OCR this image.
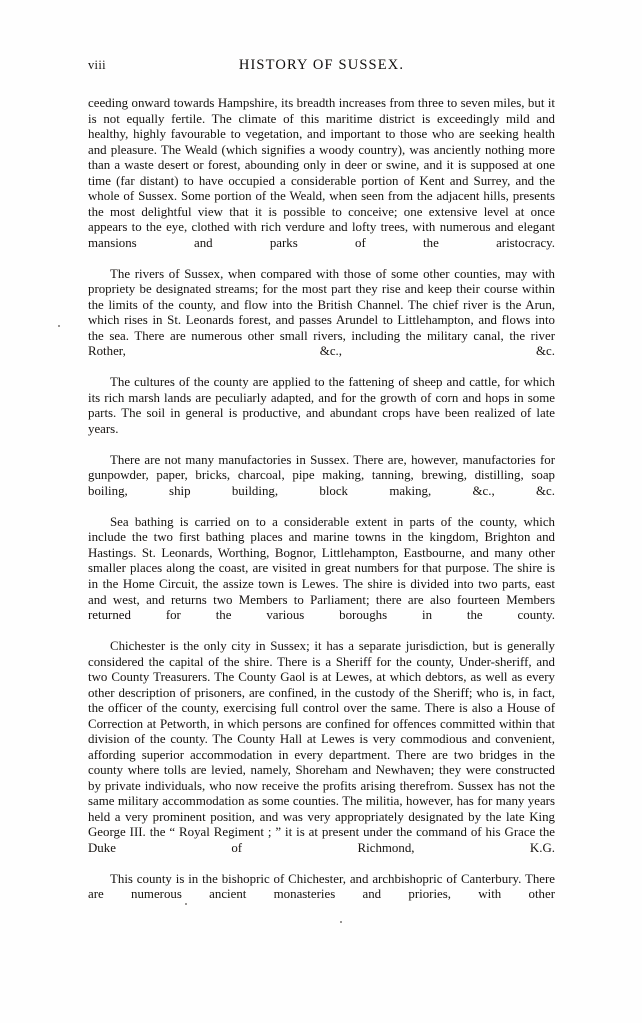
viii	HISTORY OF SUSSEX.

ceeding onward towards Hampshire, its breadth increases from three to seven miles, but it is not equally fertile. The climate of this maritime district is exceedingly mild and healthy, highly favourable to vegetation, and important to those who are seeking health and pleasure. The Weald (which signifies a woody country), was anciently nothing more than a waste desert or forest, abounding only in deer or swine, and it is supposed at one time (far distant) to have occupied a considerable portion of Kent and Surrey, and the whole of Sussex. Some portion of the Weald, when seen from the adjacent hills, presents the most delightful view that it is possible to conceive; one extensive level at once appears to the eye, clothed with rich verdure and lofty trees, with numerous and elegant mansions and parks of the aristocracy.

The rivers of Sussex, when compared with those of some other counties, may with propriety be designated streams; for the most part they rise and keep their course within the limits of the county, and flow into the British Channel. The chief river is the Arun, which rises in St. Leonards forest, and passes Arundel to Littlehampton, and flows into the sea. There are numerous other small rivers, including the military canal, the river Rother, &c., &c.

The cultures of the county are applied to the fattening of sheep and cattle, for which its rich marsh lands are peculiarly adapted, and for the growth of corn and hops in some parts. The soil in general is productive, and abundant crops have been realized of late years.

There are not many manufactories in Sussex. There are, however, manufactories for gunpowder, paper, bricks, charcoal, pipe making, tanning, brewing, distilling, soap boiling, ship building, block making, &c., &c.

Sea bathing is carried on to a considerable extent in parts of the county, which include the two first bathing places and marine towns in the kingdom, Brighton and Hastings. St. Leonards, Worthing, Bognor, Littlehampton, Eastbourne, and many other smaller places along the coast, are visited in great numbers for that purpose. The shire is in the Home Circuit, the assize town is Lewes. The shire is divided into two parts, east and west, and returns two Members to Parliament; there are also fourteen Members returned for the various boroughs in the county.

Chichester is the only city in Sussex; it has a separate jurisdiction, but is generally considered the capital of the shire. There is a Sheriff for the county, Under-sheriff, and two County Treasurers. The County Gaol is at Lewes, at which debtors, as well as every other description of prisoners, are confined, in the custody of the Sheriff; who is, in fact, the officer of the county, exercising full control over the same. There is also a House of Correction at Petworth, in which persons are confined for offences committed within that division of the county. The County Hall at Lewes is very commodious and convenient, affording superior accommodation in every department. There are two bridges in the county where tolls are levied, namely, Shoreham and Newhaven; they were constructed by private individuals, who now receive the profits arising therefrom. Sussex has not the same military accommodation as some counties. The militia, however, has for many years held a very prominent position, and was very appropriately designated by the late King George III. the “ Royal Regiment ; ” it is at present under the command of his Grace the Duke of Richmond, K.G.

This county is in the bishopric of Chichester, and archbishopric of Canterbury. There are numerous ancient monasteries and priories, with other
